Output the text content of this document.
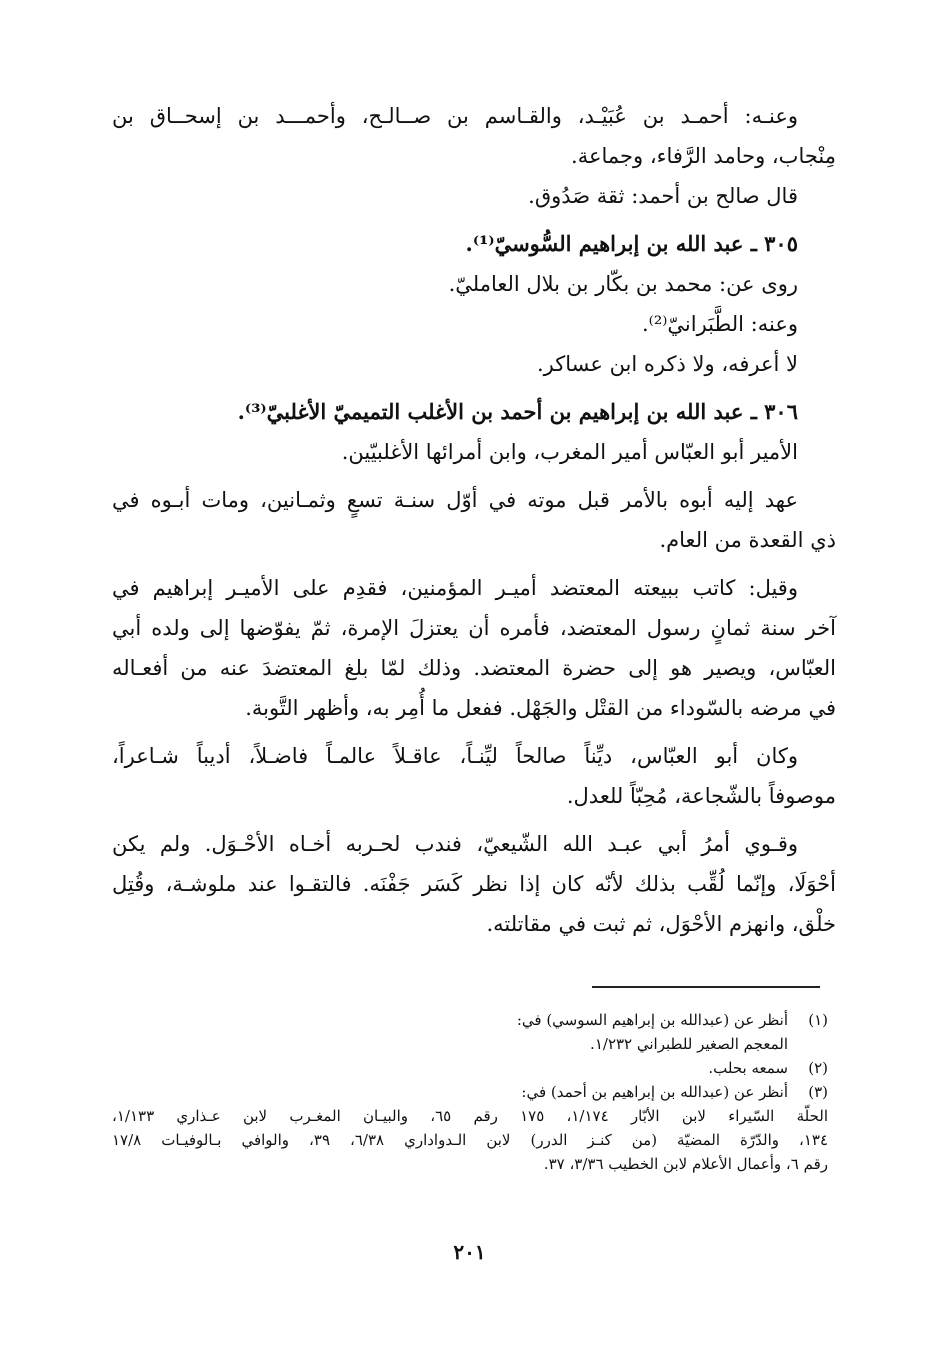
وعنـه: أحمـد بن عُبَيْـد، والقـاسم بن صــالـح، وأحمـــد بن إسحــاق بن
مِنْجاب، وحامد الرَّفاء، وجماعة.
قال صالح بن أحمد: ثقة صَدُوق.
٣٠٥ ـ عبد الله بن إبراهيم السُّوسيّ⁽¹⁾.
روى عن: محمد بن بكّار بن بلال العامليّ.
وعنه: الطَّبَرانيّ⁽²⁾.
لا أعرفه، ولا ذكره ابن عساكر.
٣٠٦ ـ عبد الله بن إبراهيم بن أحمد بن الأغلب التميميّ الأغلبيّ⁽³⁾.
الأمير أبو العبّاس أمير المغرب، وابن أمرائها الأغلبيّين.
عهد إليه أبوه بالأمر قبل موته في أوّل سنـة تسعٍ وثمـانين، ومات أبـوه في
ذي القعدة من العام.
وقيل: كاتب ببيعته المعتضد أميـر المؤمنين، فقدِم على الأميـر إبراهيم في
آخر سنة ثمانٍ رسول المعتضد، فأمره أن يعتزلَ الإمرة، ثمّ يفوّضها إلى ولده أبي
العبّاس، ويصير هو إلى حضرة المعتضد. وذلك لمّا بلغ المعتضدَ عنه من أفعـاله
في مرضه بالسّوداء من القتْل والجَهْل. ففعل ما أُمِر به، وأظهر التَّوبة.
وكان أبو العبّاس، ديِّناً صالحاً ليِّنـاً، عاقـلاً عالمـاً فاضـلاً، أديباً شـاعراً،
موصوفاً بالشّجاعة، مُحِبّاً للعدل.
وقـوي أمرُ أبي عبـد الله الشّيعيّ، فندب لحـربه أخـاه الأحْـوَل. ولم يكن
أحْوَلَا، وإنّما لُقِّب بذلك لأنّه كان إذا نظر كَسَر جَفْنَه. فالتقـوا عند ملوشـة، وقُتِل
خلْق، وانهزم الأحْوَل، ثم ثبت في مقاتلته.
(١)
أنظر عن (عبدالله بن إبراهيم السوسي) في:
المعجم الصغير للطبراني ١/٢٣٢.
(٢)
سمعه بحلب.
(٣)
أنظر عن (عبدالله بن إبراهيم بن أحمد) في:
الحلّة السّيراء لابن الأبّار ١/١٧٤، ١٧٥ رقم ٦٥، والبيـان المغـرب لابن عـذاري ١/١٣٣،
١٣٤، والدّرّة المضيّة (من كنـز الدرر) لابن الـدواداري ٦/٣٨، ٣٩، والوافي بـالوفيـات ١٧/٨
رقم ٦، وأعمال الأعلام لابن الخطيب ٣/٣٦، ٣٧.
٢٠١
